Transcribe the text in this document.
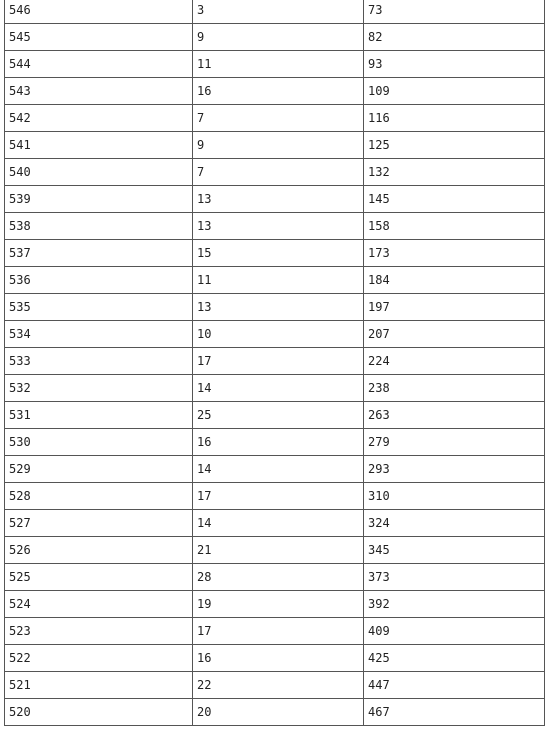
546	3	73
545	9	82
544	11	93
543	16	109
542	7	116
541	9	125
540	7	132
539	13	145
538	13	158
537	15	173
536	11	184
535	13	197
534	10	207
533	17	224
532	14	238
531	25	263
530	16	279
529	14	293
528	17	310
527	14	324
526	21	345
525	28	373
524	19	392
523	17	409
522	16	425
521	22	447
520	20	467
